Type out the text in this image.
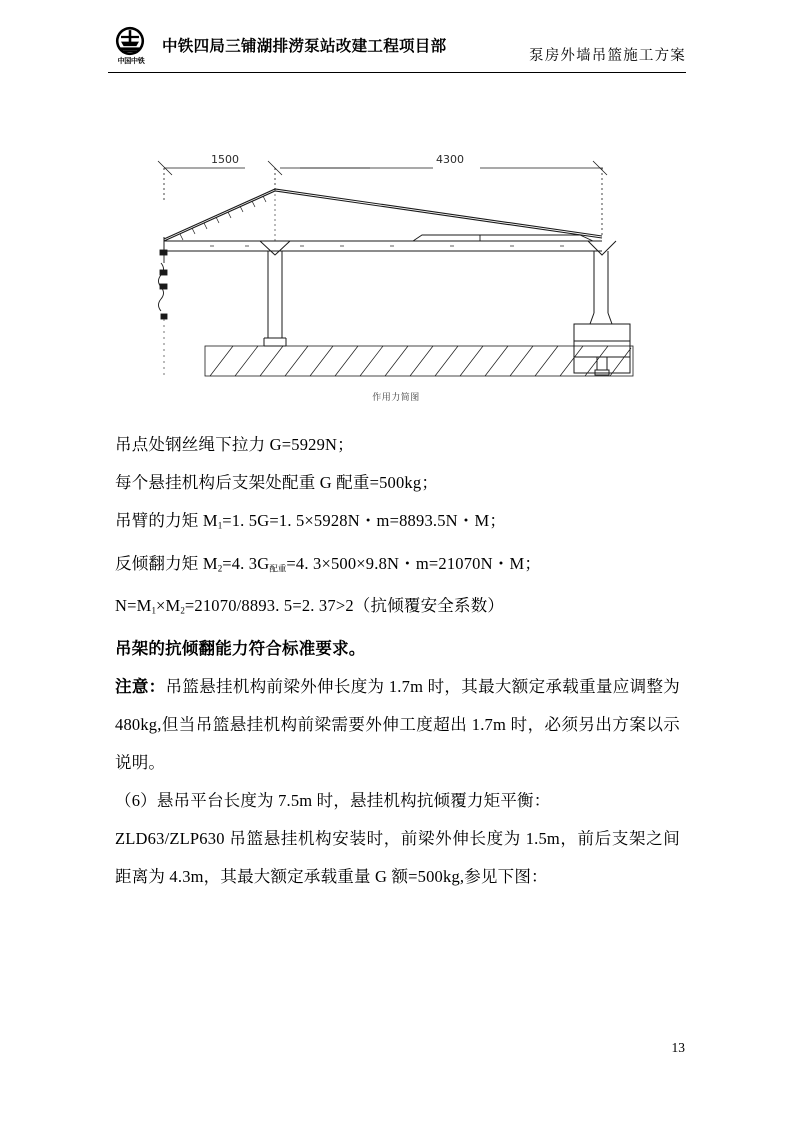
中国中铁
中铁四局三铺湖排涝泵站改建工程项目部
泵房外墙吊篮施工方案
1500	4300
作用力简图

吊点处钢丝绳下拉力 G=5929N；

每个悬挂机构后支架处配重 G 配重=500kg；

吊臂的力矩 $M_1=1$. 5G=1. 5×5928N・m=8893.5N・M；

反倾翻力矩 $M_2=4$. $3G_{配重}=4$. 3×500×9.8N・m=21070N・M；

$N=M_1\times M_2=21070/8893$. 5=2. 37>2（抗倾覆安全系数）

吊架的抗倾翻能力符合标准要求。

注意：吊篮悬挂机构前梁外伸长度为 1.7m 时，其最大额定承载重量应调整为 480kg,但当吊篮悬挂机构前梁需要外伸工度超出 1.7m 时，必须另出方案以示说明。

（6）悬吊平台长度为 7.5m 时，悬挂机构抗倾覆力矩平衡：

ZLD63/ZLP630 吊篮悬挂机构安装时，前梁外伸长度为 1.5m，前后支架之间距离为 4.3m，其最大额定承载重量 G 额=500kg,参见下图：

13
